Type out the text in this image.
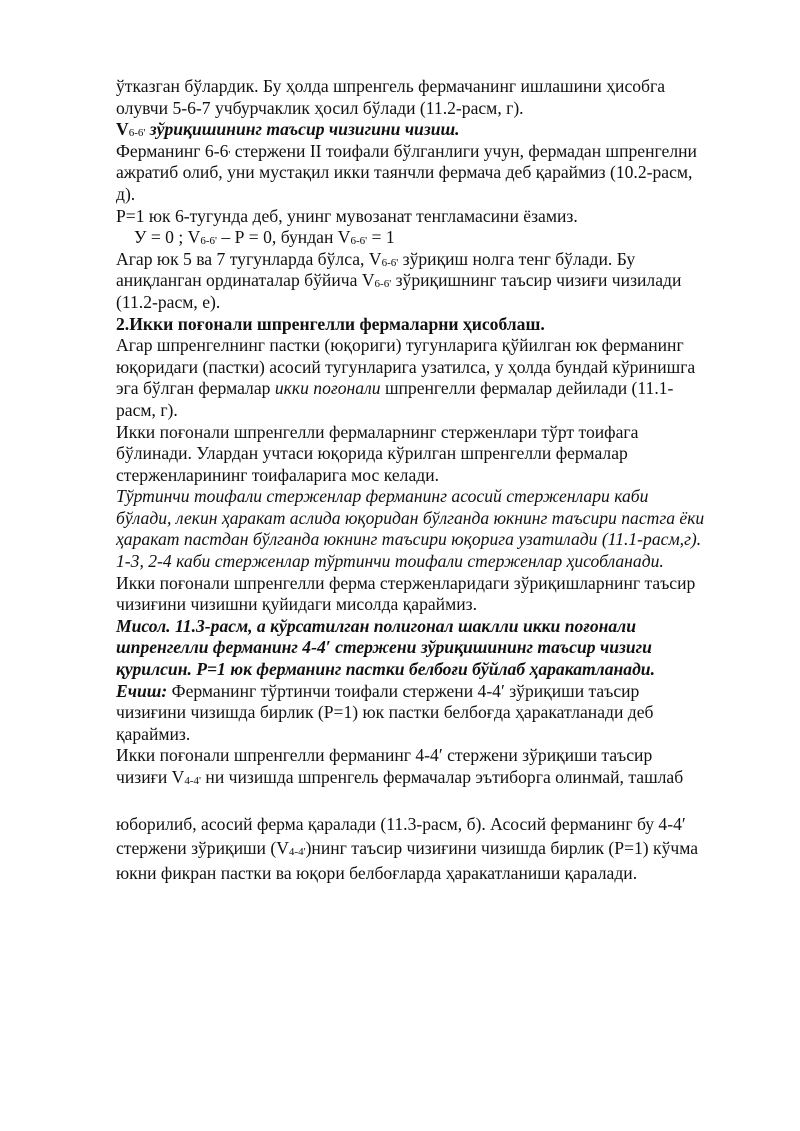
ўтказган бўлардик. Бу ҳолда шпренгель фермачанинг ишлашини ҳисобга
олувчи 5-6-7 учбурчаклик ҳосил бўлади (11.2-расм, г).
V6-6' зўриқишининг таъсир чизигини чизиш.
Ферманинг 6-6' стержени II тоифали бўлганлиги учун, фермадан шпренгелни
ажратиб олиб, уни мустақил икки таянчли фермача деб қараймиз (10.2-расм,
д).
Р=1 юк 6-тугунда деб, унинг мувозанат тенгламасини ёзамиз.
У = 0 ; V6-6' – Р = 0, бундан V6-6' = 1
Агар юк 5 ва 7 тугунларда бўлса, V6-6' зўриқиш нолга тенг бўлади. Бу
аниқланган ординаталар бўйича V6-6' зўриқишнинг таъсир чизиғи чизилади
(11.2-расм, е).
2.Икки поғонали шпренгелли фермаларни ҳисоблаш.
Агар шпренгелнинг пастки (юқориги) тугунларига қўйилган юк ферманинг
юқоридаги (пастки) асосий тугунларига узатилса, у ҳолда бундай кўринишга
эга бўлган фермалар икки поғонали шпренгелли фермалар дейилади (11.1-
расм, г).
Икки поғонали шпренгелли фермаларнинг стерженлари тўрт тоифага
бўлинади. Улардан учтаси юқорида кўрилган шпренгелли фермалар
стерженларининг тоифаларига мос келади.
Тўртинчи тоифали стерженлар ферманинг асосий стерженлари каби
бўлади, лекин ҳаракат аслида юқоридан бўлганда юкнинг таъсири пастга ёки
ҳаракат пастдан бўлганда юкнинг таъсири юқорига узатилади (11.1-расм,г).
1-3, 2-4 каби стерженлар тўртинчи тоифали стерженлар ҳисобланади.
Икки поғонали шпренгелли ферма стерженларидаги зўриқишларнинг таъсир
чизиғини чизишни қуйидаги мисолда қараймиз.
Мисол. 11.3-расм, а кўрсатилган полигонал шаклли икки поғонали
шпренгелли ферманинг 4-4′ стержени зўриқишининг таъсир чизиги
қурилсин. Р=1 юк ферманинг пастки белбоғи бўйлаб ҳаракатланади.
Ечиш: Ферманинг тўртинчи тоифали стержени 4-4′ зўриқиши таъсир
чизиғини чизишда бирлик (Р=1) юк пастки белбоғда ҳаракатланади деб
қараймиз.
Икки поғонали шпренгелли ферманинг 4-4′ стержени зўриқиши таъсир
чизиғи V4-4' ни чизишда шпренгель фермачалар эътиборга олинмай, ташлаб
юборилиб, асосий ферма қаралади (11.3-расм, б). Асосий ферманинг бу 4-4′
стержени зўриқиши (V4-4')нинг таъсир чизиғини чизишда бирлик (Р=1) кўчма
юкни фикран пастки ва юқори белбоғларда ҳаракатланиши қаралади.
